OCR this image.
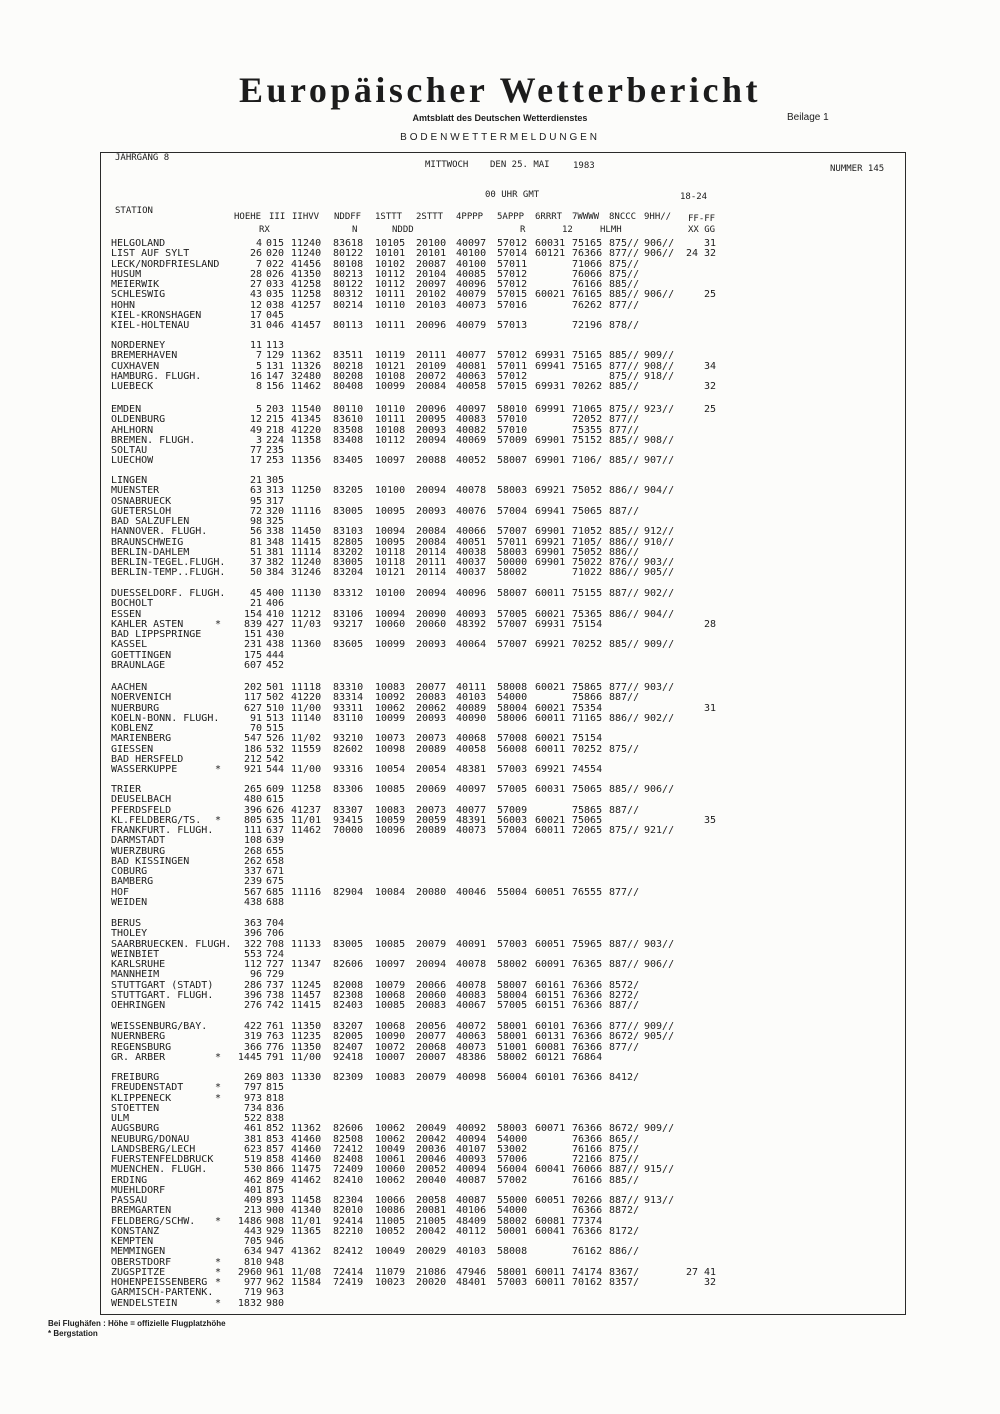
Europäischer Wetterbericht
Amtsblatt des Deutschen Wetterdienstes	Beilage 1
BODENWETTERMELDUNGEN
JAHRGANG 8
MITTWOCH DEN 25. MAI	1983	NUMMER 145
00 UHR GMT	18-24
STATION
HOEHE III IIHVV NDDFF 1STTT 2STTT 4PPPP 5APPP 6RRRT 7WWWW 8NCCC 9HH// FF-FF
RX	N	NDDD	R	12	HLMH	XX GG
HELGOLAND	4 015 11240 83618 10105 20100 40097 57012 60031 75165 875// 906//	31
LIST AUF SYLT	26 020 11240 80122 10101 20101 40100 57014 60121 76366 877// 906// 24 32
LECK/NORDFRIESLAND	7 022 41456 80108 10102 20087 40100 57011	71066 875//
HUSUM	28 026 41350 80213 10112 20104 40085 57012	76066 875//
MEIERWIK	27 033 41258 80122 10112 20097 40096 57012	76166 885//
SCHLESWIG	43 035 11258 80312 10111 20102 40079 57015 60021 76165 885// 906//	25
HOHN	12 038 41257 80214 10110 20103 40073 57016	76262 877//
KIEL-KRONSHAGEN	17 045
KIEL-HOLTENAU	31 046 41457 80113 10111 20096 40079 57013	72196 878//
NORDERNEY	11 113
BREMERHAVEN	7 129 11362 83511 10119 20111 40077 57012 69931 75165 885// 909//
CUXHAVEN	5 131 11326 80218 10121 20109 40081 57011 69941 75165 877// 908//	34
HAMBURG. FLUGH.	16 147 32480 80208 10108 20072 40063 57012	875// 918//
LUEBECK	8 156 11462 80408 10099 20084 40058 57015 69931 70262 885//	32
EMDEN	5 203 11540 80110 10110 20096 40097 58010 69991 71065 875// 923//	25
OLDENBURG	12 215 41345 83610 10111 20095 40083 57010	72052 877//
AHLHORN	49 218 41220 83508 10108 20093 40082 57010	75355 877//
BREMEN. FLUGH.	3 224 11358 83408 10112 20094 40069 57009 69901 75152 885// 908//
SOLTAU	77 235
LUECHOW	17 253 11356 83405 10097 20088 40052 58007 69901 7106/ 885// 907//
LINGEN	21 305
MUENSTER	63 313 11250 83205 10100 20094 40078 58003 69921 75052 886// 904//
OSNABRUECK	95 317
GUETERSLOH	72 320 11116 83005 10095 20093 40076 57004 69941 75065 887//
BAD SALZUFLEN	98 325
HANNOVER. FLUGH.	56 338 11450 83103 10094 20084 40066 57007 69901 71052 885// 912//
BRAUNSCHWEIG	81 348 11415 82805 10095 20084 40051 57011 69921 7105/ 886// 910//
BERLIN-DAHLEM	51 381 11114 83202 10118 20114 40038 58003 69901 75052 886//
BERLIN-TEGEL.FLUGH.	37 382 11240 83005 10118 20111 40037 50000 69901 75022 876// 903//
BERLIN-TEMP..FLUGH.	50 384 31246 83204 10121 20114 40037 58002	71022 886// 905//
DUESSELDORF. FLUGH.	45 400 11130 83312 10100 20094 40096 58007 60011 75155 887// 902//
BOCHOLT	21 406
ESSEN	154 410 11212 83106 10094 20090 40093 57005 60021 75365 886// 904//
KAHLER ASTEN	*	839 427 11/03 93217 10060 20060 48392 57007 69931 75154	28
BAD LIPPSPRINGE	151 430
KASSEL	231 438 11360 83605 10099 20093 40064 57007 69921 70252 885// 909//
GOETTINGEN	175 444
BRAUNLAGE	607 452
AACHEN	202 501 11118 83310 10083 20077 40111 58008 60021 75865 877// 903//
NOERVENICH	117 502 41220 83314 10092 20083 40103 54000	75866 887//
NUERBURG	627 510 11/00 93311 10062 20062 40089 58004 60021 75354	31
KOELN-BONN. FLUGH.	91 513 11140 83110 10099 20093 40090 58006 60011 71165 886// 902//
KOBLENZ	70 515
MARIENBERG	547 526 11/02 93210 10073 20073 40068 57008 60021 75154
GIESSEN	186 532 11559 82602 10098 20089 40058 56008 60011 70252 875//
BAD HERSFELD	212 542
WASSERKUPPE	*	921 544 11/00 93316 10054 20054 48381 57003 69921 74554
TRIER	265 609 11258 83306 10085 20069 40097 57005 60031 75065 885// 906//
DEUSELBACH	480 615
PFERDSFELD	396 626 41237 83307 10083 20073 40077 57009	75865 887//
KL.FELDBERG/TS. *	805 635 11/01 93415 10059 20059 48391 56003 60021 75065	35
FRANKFURT. FLUGH.	111 637 11462 70000 10096 20089 40073 57004 60011 72065 875// 921//
DARMSTADT	108 639
WUERZBURG	268 655
BAD KISSINGEN	262 658
COBURG	337 671
BAMBERG	239 675
HOF	567 685 11116 82904 10084 20080 40046 55004 60051 76555 877//
WEIDEN	438 688
BERUS	363 704
THOLEY	396 706
SAARBRUECKEN. FLUGH.	322 708 11133 83005 10085 20079 40091 57003 60051 75965 887// 903//
WEINBIET	553 724
KARLSRUHE	112 727 11347 82606 10097 20094 40078 58002 60091 76365 887// 906//
MANNHEIM	96 729
STUTTGART (STADT)	286 737 11245 82008 10079 20066 40078 58007 60161 76366 8572/
STUTTGART. FLUGH.	396 738 11457 82308 10068 20060 40083 58004 60151 76366 8272/
OEHRINGEN	276 742 11415 82403 10085 20083 40067 57005 60151 76366 887//
WEISSENBURG/BAY.	422 761 11350 83207 10068 20056 40072 58001 60101 76366 877// 909//
NUERNBERG	319 763 11235 82005 10090 20077 40063 58001 60131 76366 8672/ 905//
REGENSBURG	366 776 11350 82407 10072 20068 40073 51001 60081 76366 877//
GR. ARBER	*	1445 791 11/00 92418 10007 20007 48386 58002 60121 76864
FREIBURG	269 803 11330 82309 10083 20079 40098 56004 60101 76366 8412/
FREUDENSTADT	*	797 815
KLIPPENECK	*	973 818
STOETTEN	734 836
ULM	522 838
AUGSBURG	461 852 11362 82606 10062 20049 40092 58003 60071 76366 8672/ 909//
NEUBURG/DONAU	381 853 41460 82508 10062 20042 40094 54000	76366 865//
LANDSBERG/LECH	623 857 41460 72412 10049 20036 40107 53002	76166 875//
FUERSTENFELDBRUCK	519 858 41460 82408 10061 20046 40093 57006	72166 875//
MUENCHEN. FLUGH.	530 866 11475 72409 10060 20052 40094 56004 60041 76066 887// 915//
ERDING	462 869 41462 82410 10062 20040 40087 57002	76166 885//
MUEHLDORF	401 875
PASSAU	409 893 11458 82304 10066 20058 40087 55000 60051 70266 887// 913//
BREMGARTEN	213 900 41340 82010 10086 20081 40106 54000	76366 8872/
FELDBERG/SCHW. *	1486 908 11/01 92414 11005 21005 48409 58002 60081 77374
KONSTANZ	443 929 11365 82210 10052 20042 40112 50001 60041 76366 8172/
KEMPTEN	705 946
MEMMINGEN	634 947 41362 82412 10049 20029 40103 58008	76162 886//
OBERSTDORF	*	810 948
ZUGSPITZE	*	2960 961 11/08 72414 11079 21086 47946 58001 60011 74174 8367/	27 41
HOHENPEISSENBERG *	977 962 11584 72419 10023 20020 48401 57003 60011 70162 8357/	32
GARMISCH-PARTENK.	719 963
WENDELSTEIN	*	1832 980
Bei Flughäfen : Höhe = offizielle Flugplatzhöhe
* Bergstation
